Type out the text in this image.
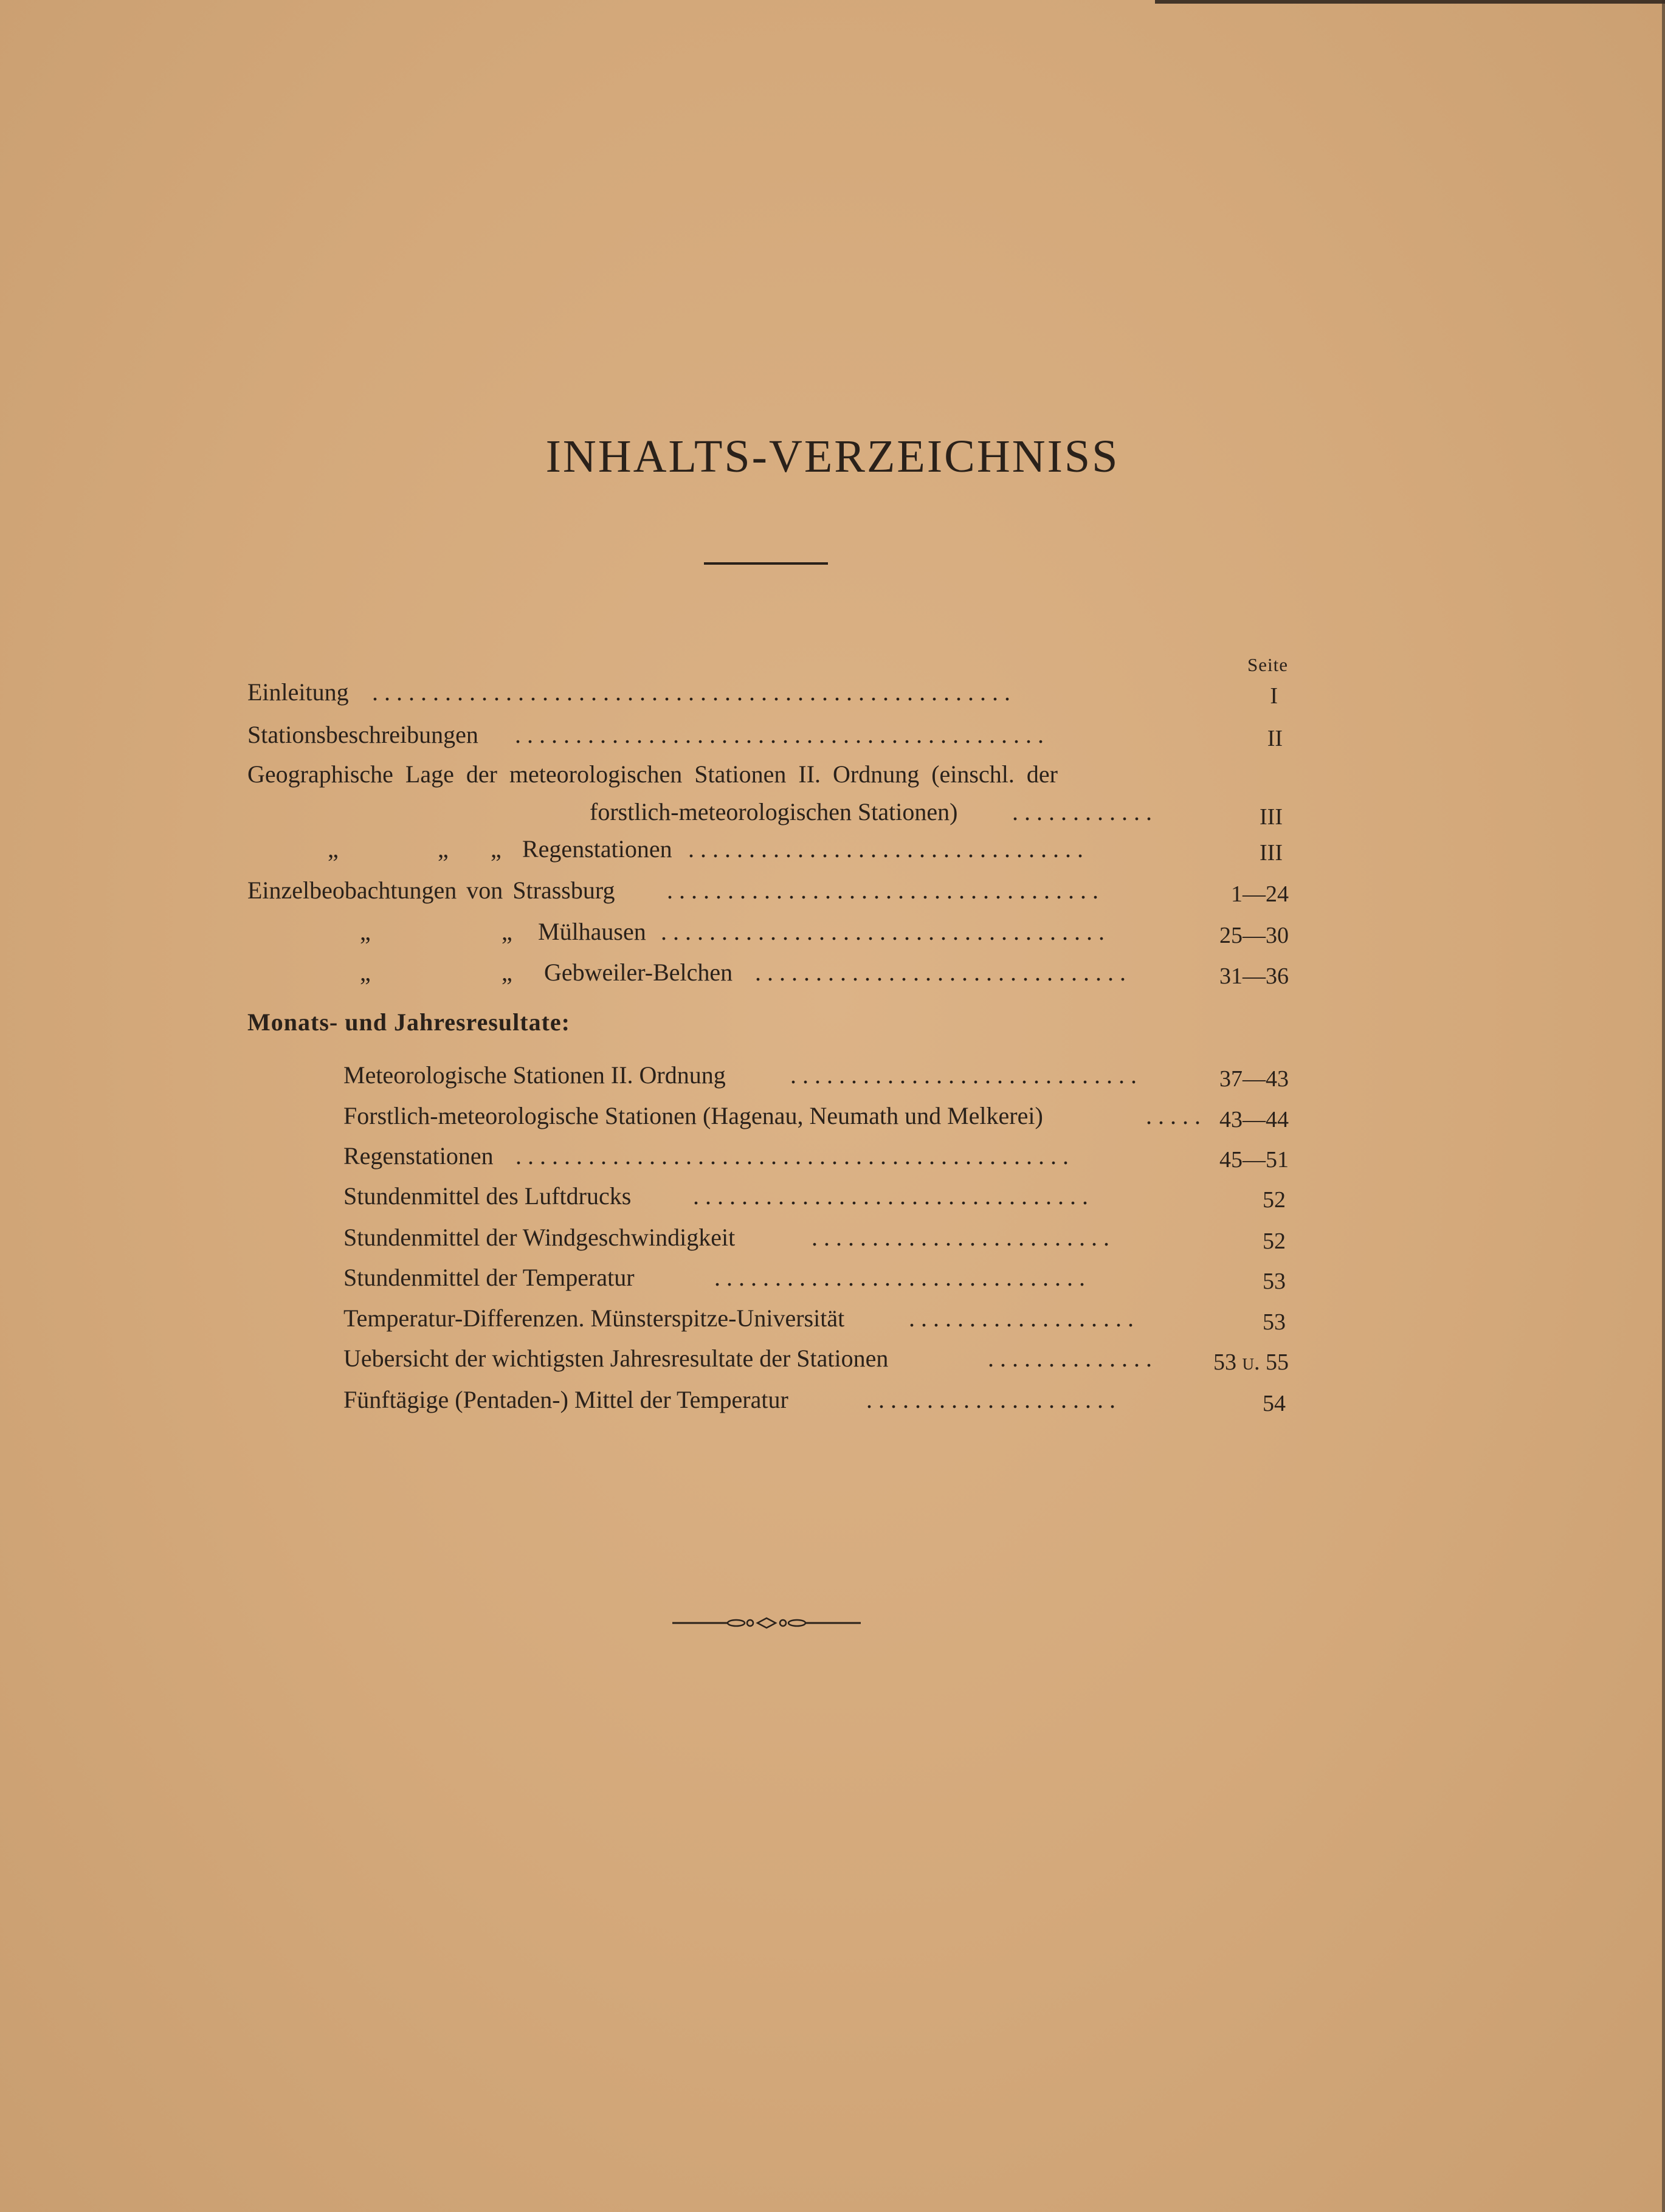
INHALTS-VERZEICHNISS
Seite
Einleitung . . . . . . . . . . . . . . . . . . . . . . . . . . . . . . . . . . . . . . . . . . . . . . . . . . . . .	I
Stationsbeschreibungen . . . . . . . . . . . . . . . . . . . . . . . . . . . . . . . . . . . . . . . . . . . .	II
Geographische Lage der meteorologischen Stationen II. Ordnung (einschl. der
forstlich-meteorologischen Stationen) . . . . . . . . . . . .	III
„	„ „ Regenstationen . . . . . . . . . . . . . . . . . . . . . . . . . . . . . . . . .	III
Einzelbeobachtungen von Strassburg . . . . . . . . . . . . . . . . . . . . . . . . . . . . . . . . . . . .	1—24
„	„ Mülhausen . . . . . . . . . . . . . . . . . . . . . . . . . . . . . . . . . . . . .	25—30
„	„ Gebweiler-Belchen . . . . . . . . . . . . . . . . . . . . . . . . . . . . . . .	31—36
Monats- und Jahresresultate:
Meteorologische Stationen II. Ordnung	. . . . . . . . . . . . . . . . . . . . . . . . . . . . .	37—43
Forstlich-meteorologische Stationen (Hagenau, Neumath und Melkerei)	. . . . . 43—44
Regenstationen . . . . . . . . . . . . . . . . . . . . . . . . . . . . . . . . . . . . . . . . . . . . . .	45—51
Stundenmittel des Luftdrucks	. . . . . . . . . . . . . . . . . . . . . . . . . . . . . . . . .	52
Stundenmittel der Windgeschwindigkeit	. . . . . . . . . . . . . . . . . . . . . . . . .	52
Stundenmittel der Temperatur	. . . . . . . . . . . . . . . . . . . . . . . . . . . . . . .	53
Temperatur-Differenzen. Münsterspitze-Universität	. . . . . . . . . . . . . . . . . . .	53
Uebersicht der wichtigsten Jahresresultate der Stationen	. . . . . . . . . . . . . .	53 u. 55
Fünftägige (Pentaden-) Mittel der Temperatur	. . . . . . . . . . . . . . . . . . . . .	54
